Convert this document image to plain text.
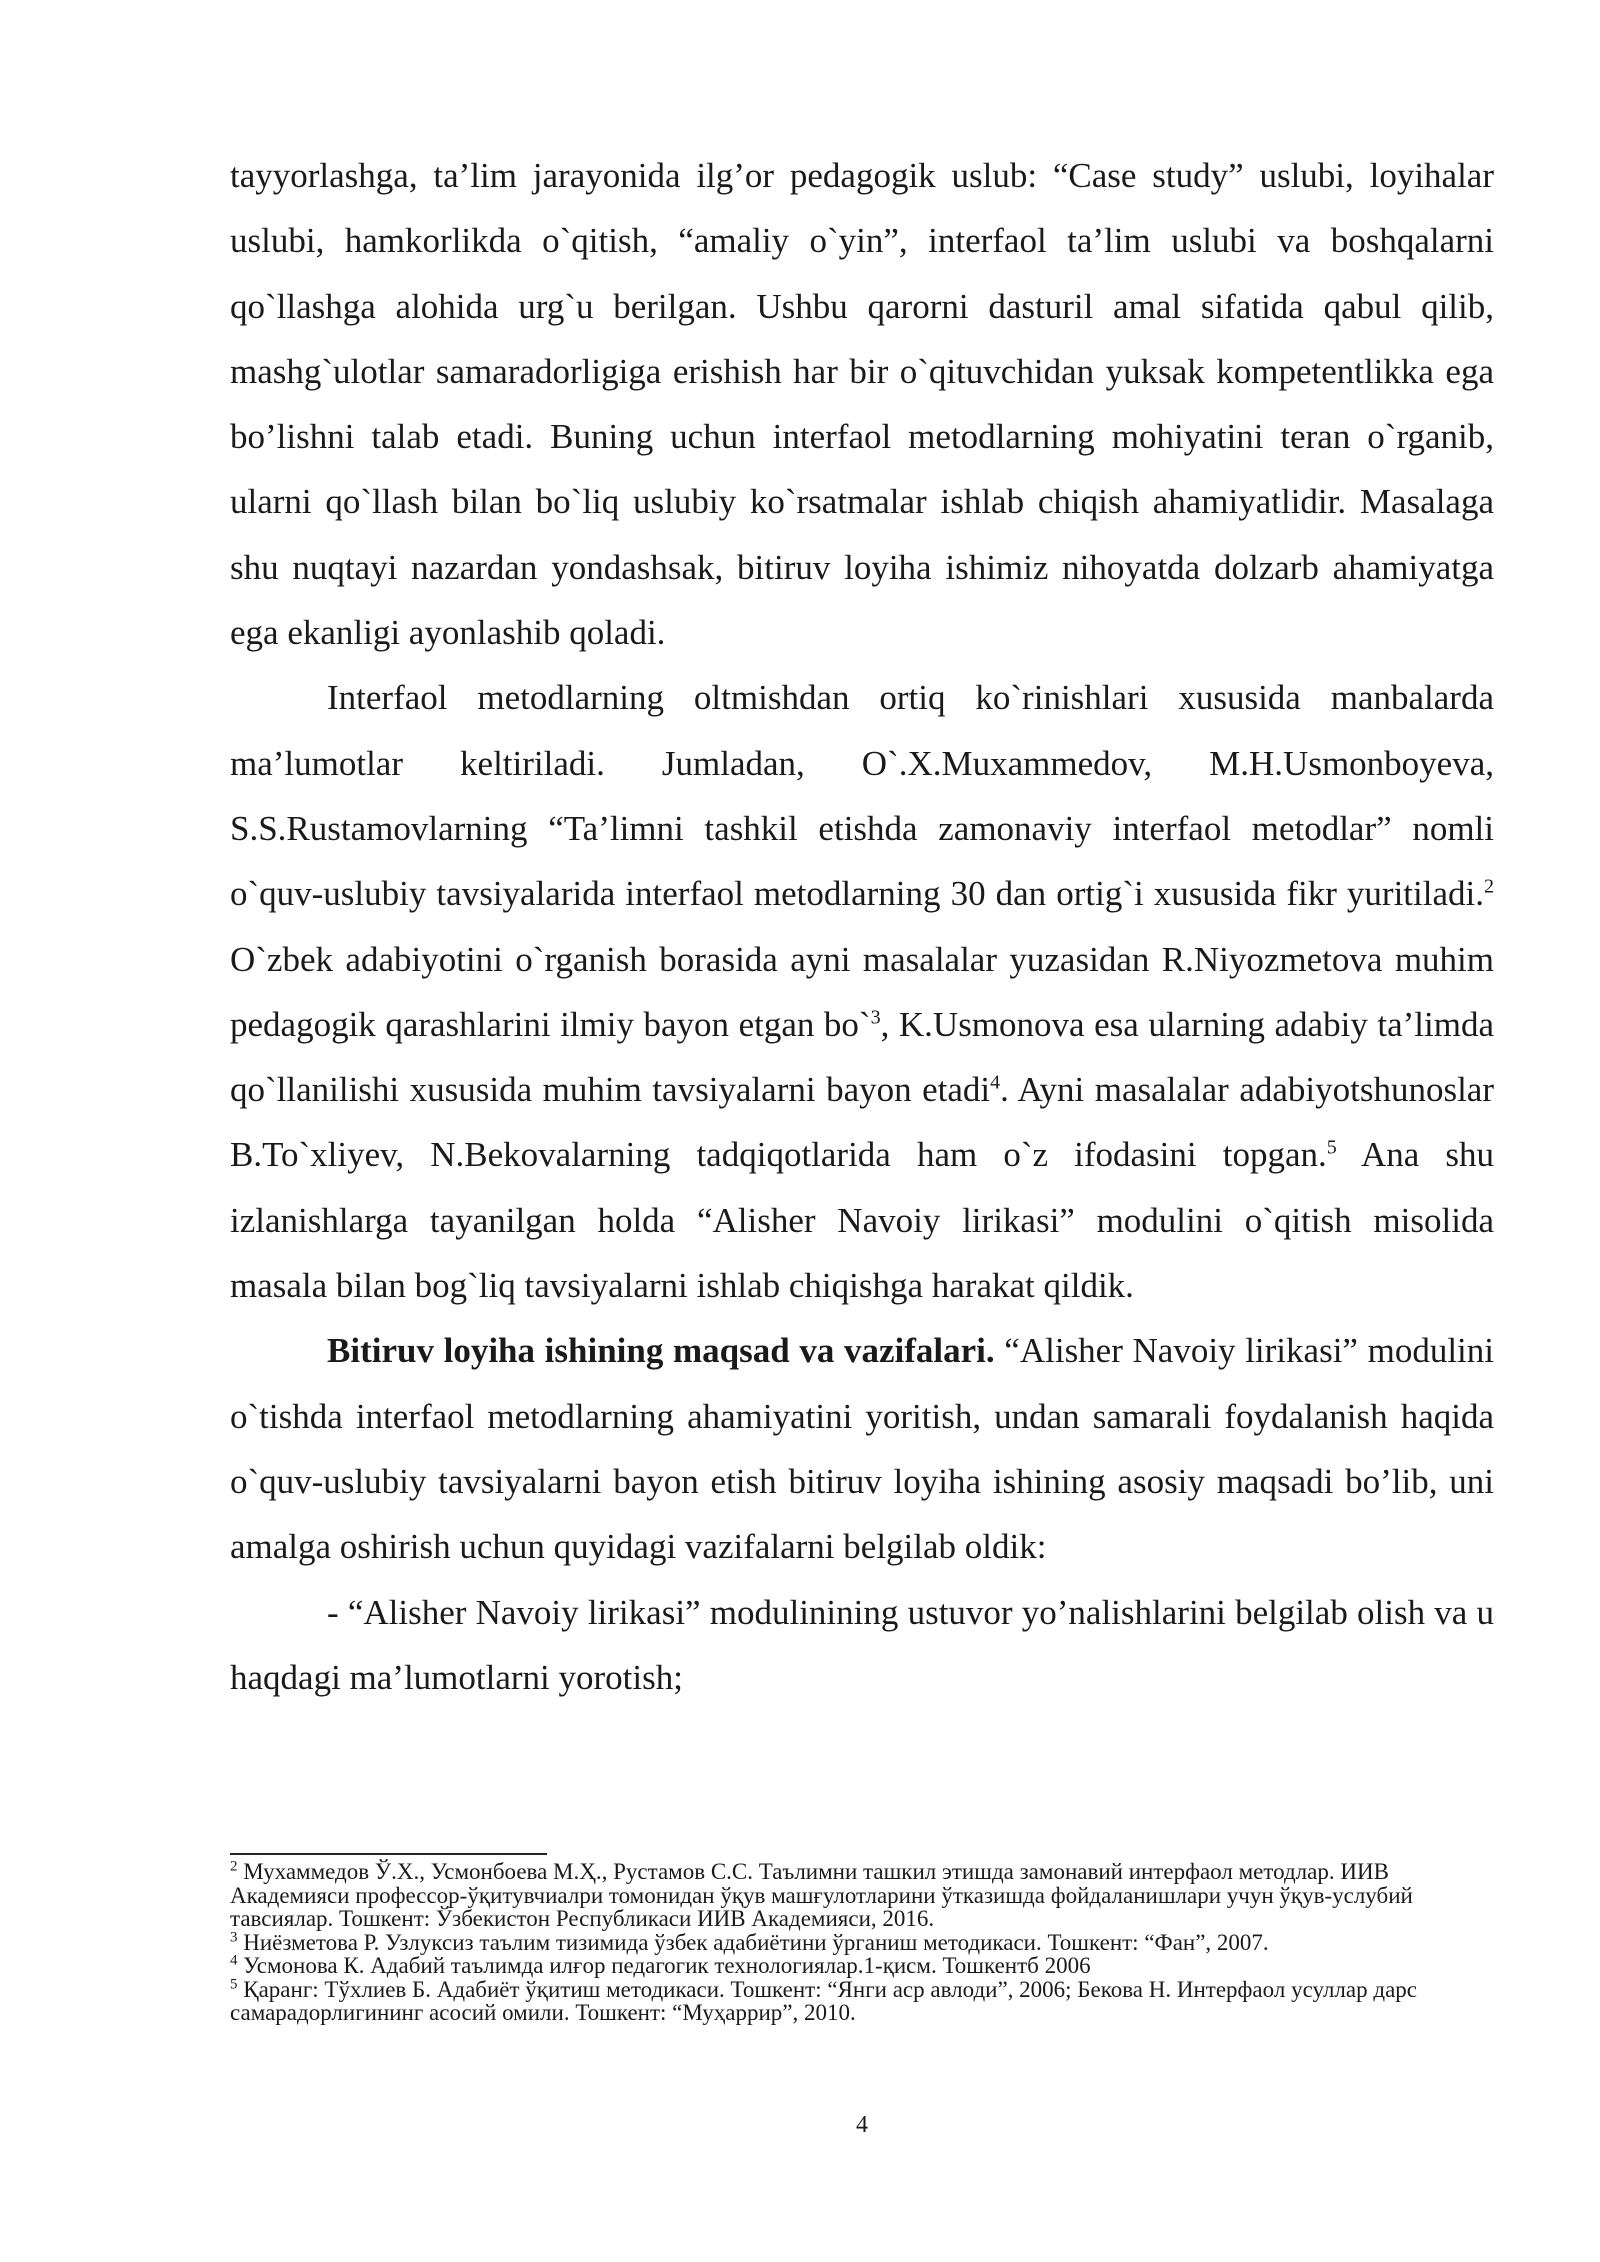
tayyorlashga, ta’lim jarayonida ilg’or pedagogik uslub: “Case study” uslubi, loyihalar uslubi, hamkorlikda o`qitish, “amaliy o`yin”, interfaol ta’lim uslubi va boshqalarni qo`llashga alohida urg`u berilgan. Ushbu qarorni dasturil amal sifatida qabul qilib, mashg`ulotlar samaradorligiga erishish har bir o`qituvchidan yuksak kompetentlikka ega bo’lishni talab etadi. Buning uchun interfaol metodlarning mohiyatini teran o`rganib, ularni qo`llash bilan bo`liq uslubiy ko`rsatmalar ishlab chiqish ahamiyatlidir. Masalaga shu nuqtayi nazardan yondashsak, bitiruv loyiha ishimiz nihoyatda dolzarb ahamiyatga ega ekanligi ayonlashib qoladi.

Interfaol metodlarning oltmishdan ortiq ko`rinishlari xususida manbalarda ma’lumotlar keltiriladi. Jumladan, O`.X.Muxammedov, M.H.Usmonboyeva, S.S.Rustamovlarning “Ta’limni tashkil etishda zamonaviy interfaol metodlar” nomli o`quv-uslubiy tavsiyalarida interfaol metodlarning 30 dan ortig`i xususida fikr yuritiladi.$^2$ O`zbek adabiyotini o`rganish borasida ayni masalalar yuzasidan R.Niyozmetova muhim pedagogik qarashlarini ilmiy bayon etgan bo`$^3$, K.Usmonova esa ularning adabiy ta’limda qo`llanilishi xususida muhim tavsiyalarni bayon etadi$^4$. Ayni masalalar adabiyotshunoslar B.To`xliyev, N.Bekovalarning tadqiqotlarida ham o`z ifodasini topgan.$^5$ Ana shu izlanishlarga tayanilgan holda “Alisher Navoiy lirikasi” modulini o`qitish misolida masala bilan bog`liq tavsiyalarni ishlab chiqishga harakat qildik.

Bitiruv loyiha ishining maqsad va vazifalari. “Alisher Navoiy lirikasi” modulini o`tishda interfaol metodlarning ahamiyatini yoritish, undan samarali foydalanish haqida o`quv-uslubiy tavsiyalarni bayon etish bitiruv loyiha ishining asosiy maqsadi bo’lib, uni amalga oshirish uchun quyidagi vazifalarni belgilab oldik:

- “Alisher Navoiy lirikasi” modulinining ustuvor yo’nalishlarini belgilab olish va u haqdagi ma’lumotlarni yorotish;

$^2$ Мухаммедов Ў.Х., Усмонбоева М.Ҳ., Рустамов С.С. Таълимни ташкил этишда замонавий интерфаол методлар. ИИВ Академияси профессор-ўқитувчиалри томонидан ўқув машғулотларини ўтказишда фойдаланишлари учун ўқув-услубий тавсиялар. Тошкент: Ўзбекистон Республикаси ИИВ Академияси, 2016.

$^3$ Ниёзметова Р. Узлуксиз таълим тизимида ўзбек адабиётини ўрганиш методикаси. Тошкент: “Фан”, 2007.

$^4$ Усмонова К. Адабий таълимда илғор педагогик технологиялар.1-қисм. Тошкентб 2006

$^5$ Қаранг: Тўхлиев Б. Адабиёт ўқитиш методикаси. Тошкент: “Янги аср авлоди”, 2006; Бекова Н. Интерфаол усуллар дарс самарадорлигининг асосий омили. Тошкент: “Муҳаррир”, 2010.

4
